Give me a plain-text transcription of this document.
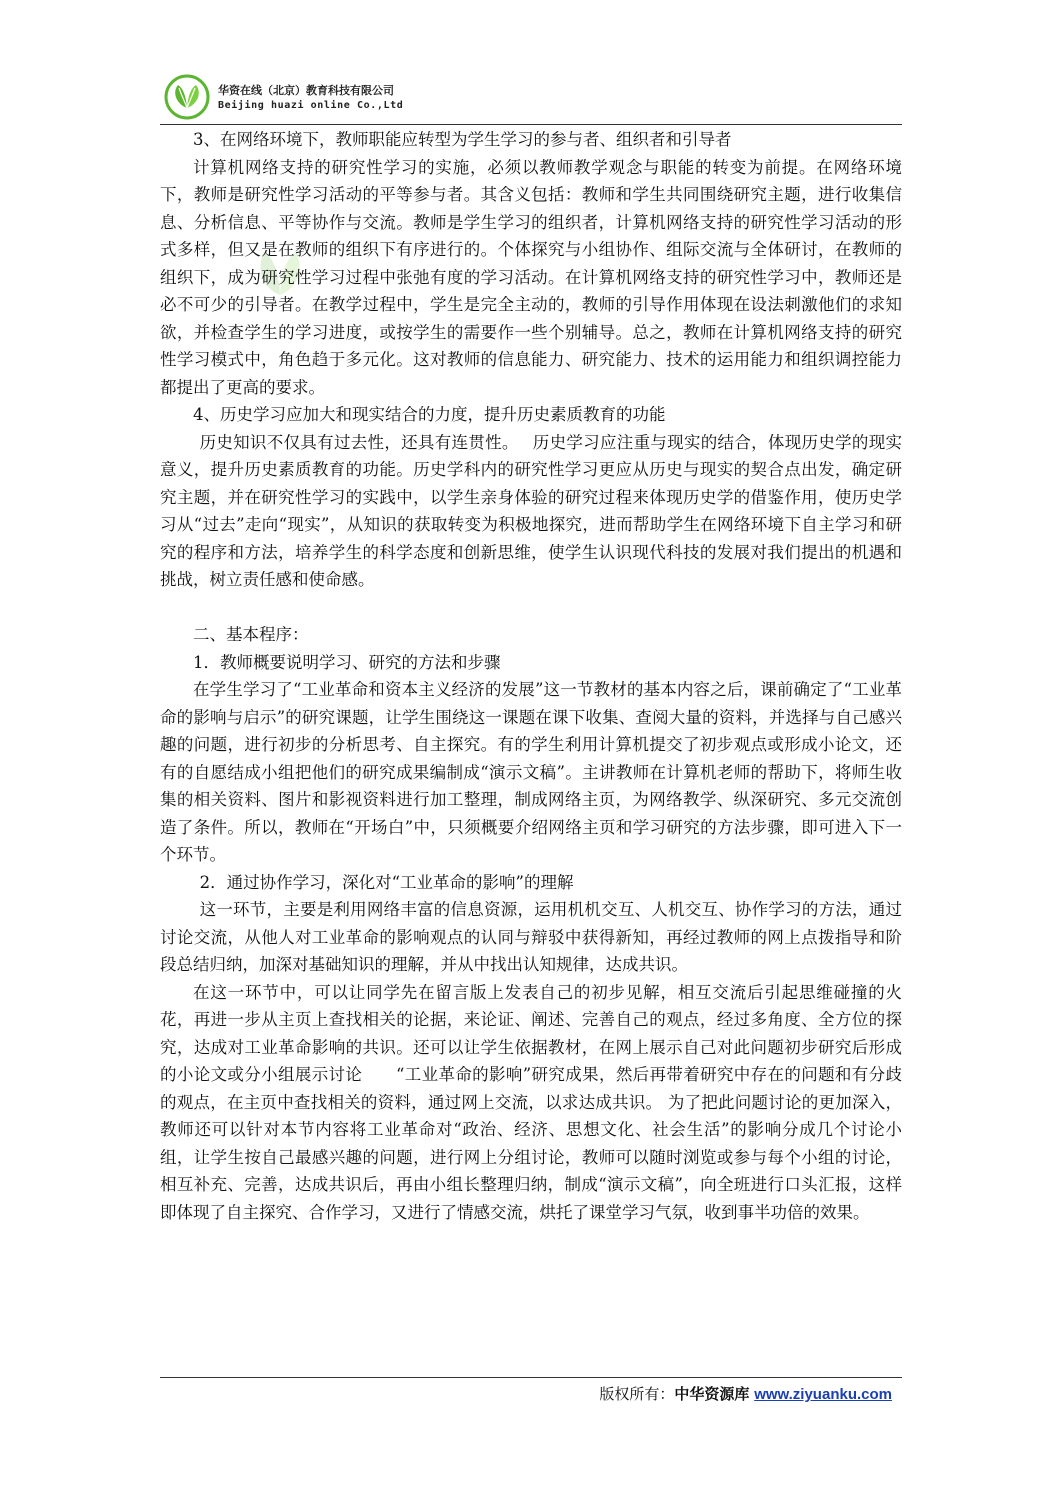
华资在线（北京）教育科技有限公司
Beijing huazi online Co.,Ltd

3、在网络环境下，教师职能应转型为学生学习的参与者、组织者和引导者

计算机网络支持的研究性学习的实施，必须以教师教学观念与职能的转变为前提。在网络环境下，教师是研究性学习活动的平等参与者。其含义包括：教师和学生共同围绕研究主题，进行收集信息、分析信息、平等协作与交流。教师是学生学习的组织者，计算机网络支持的研究性学习活动的形式多样，但又是在教师的组织下有序进行的。个体探究与小组协作、组际交流与全体研讨，在教师的组织下，成为研究性学习过程中张弛有度的学习活动。在计算机网络支持的研究性学习中，教师还是必不可少的引导者。在教学过程中，学生是完全主动的，教师的引导作用体现在设法刺激他们的求知欲，并检查学生的学习进度，或按学生的需要作一些个别辅导。总之，教师在计算机网络支持的研究性学习模式中，角色趋于多元化。这对教师的信息能力、研究能力、技术的运用能力和组织调控能力都提出了更高的要求。

4、历史学习应加大和现实结合的力度，提升历史素质教育的功能

历史知识不仅具有过去性，还具有连贯性。　 历史学习应注重与现实的结合，体现历史学的现实意义，提升历史素质教育的功能。历史学科内的研究性学习更应从历史与现实的契合点出发，确定研究主题，并在研究性学习的实践中，以学生亲身体验的研究过程来体现历史学的借鉴作用，使历史学习从“过去”走向“现实”，从知识的获取转变为积极地探究，进而帮助学生在网络环境下自主学习和研究的程序和方法，培养学生的科学态度和创新思维，使学生认识现代科技的发展对我们提出的机遇和挑战，树立责任感和使命感。

二、基本程序：

1．教师概要说明学习、研究的方法和步骤

在学生学习了“工业革命和资本主义经济的发展”这一节教材的基本内容之后，课前确定了“工业革命的影响与启示”的研究课题，让学生围绕这一课题在课下收集、查阅大量的资料，并选择与自己感兴趣的问题，进行初步的分析思考、自主探究。有的学生利用计算机提交了初步观点或形成小论文，还有的自愿结成小组把他们的研究成果编制成“演示文稿”。主讲教师在计算机老师的帮助下，将师生收集的相关资料、图片和影视资料进行加工整理，制成网络主页，为网络教学、纵深研究、多元交流创造了条件。所以，教师在“开场白”中，只须概要介绍网络主页和学习研究的方法步骤，即可进入下一个环节。

2．通过协作学习，深化对“工业革命的影响”的理解

这一环节，主要是利用网络丰富的信息资源，运用机机交互、人机交互、协作学习的方法，通过讨论交流，从他人对工业革命的影响观点的认同与辩驳中获得新知，再经过教师的网上点拨指导和阶段总结归纳，加深对基础知识的理解，并从中找出认知规律，达成共识。

在这一环节中，可以让同学先在留言版上发表自己的初步见解，相互交流后引起思维碰撞的火花，再进一步从主页上查找相关的论据，来论证、阐述、完善自己的观点，经过多角度、全方位的探究，达成对工业革命影响的共识。还可以让学生依据教材，在网上展示自己对此问题初步研究后形成的小论文或分小组展示讨论　　“工业革命的影响”研究成果，然后再带着研究中存在的问题和有分歧的观点，在主页中查找相关的资料，通过网上交流，以求达成共识。 为了把此问题讨论的更加深入，教师还可以针对本节内容将工业革命对“政治、经济、思想文化、社会生活”的影响分成几个讨论小组，让学生按自己最感兴趣的问题，进行网上分组讨论，教师可以随时浏览或参与每个小组的讨论，相互补充、完善，达成共识后，再由小组长整理归纳，制成“演示文稿”，向全班进行口头汇报，这样即体现了自主探究、合作学习，又进行了情感交流，烘托了课堂学习气氛，收到事半功倍的效果。

版权所有：中华资源库 www.ziyuanku.com
